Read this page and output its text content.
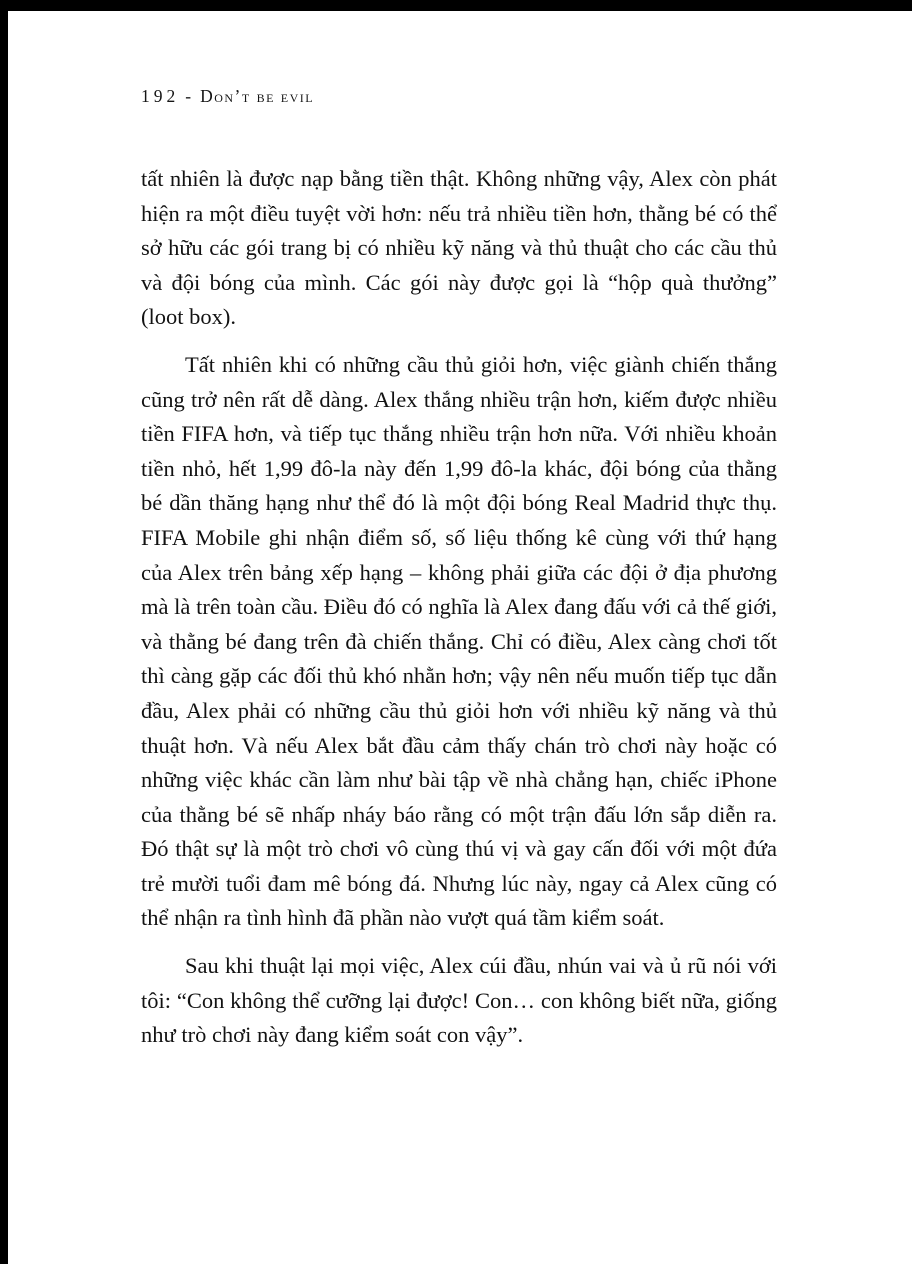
192 - Don’t be evil

tất nhiên là được nạp bằng tiền thật. Không những vậy, Alex còn phát hiện ra một điều tuyệt vời hơn: nếu trả nhiều tiền hơn, thằng bé có thể sở hữu các gói trang bị có nhiều kỹ năng và thủ thuật cho các cầu thủ và đội bóng của mình. Các gói này được gọi là “hộp quà thưởng” (loot box).

Tất nhiên khi có những cầu thủ giỏi hơn, việc giành chiến thắng cũng trở nên rất dễ dàng. Alex thắng nhiều trận hơn, kiếm được nhiều tiền FIFA hơn, và tiếp tục thắng nhiều trận hơn nữa. Với nhiều khoản tiền nhỏ, hết 1,99 đô-la này đến 1,99 đô-la khác, đội bóng của thằng bé dần thăng hạng như thể đó là một đội bóng Real Madrid thực thụ. FIFA Mobile ghi nhận điểm số, số liệu thống kê cùng với thứ hạng của Alex trên bảng xếp hạng – không phải giữa các đội ở địa phương mà là trên toàn cầu. Điều đó có nghĩa là Alex đang đấu với cả thế giới, và thằng bé đang trên đà chiến thắng. Chỉ có điều, Alex càng chơi tốt thì càng gặp các đối thủ khó nhằn hơn; vậy nên nếu muốn tiếp tục dẫn đầu, Alex phải có những cầu thủ giỏi hơn với nhiều kỹ năng và thủ thuật hơn. Và nếu Alex bắt đầu cảm thấy chán trò chơi này hoặc có những việc khác cần làm như bài tập về nhà chẳng hạn, chiếc iPhone của thằng bé sẽ nhấp nháy báo rằng có một trận đấu lớn sắp diễn ra. Đó thật sự là một trò chơi vô cùng thú vị và gay cấn đối với một đứa trẻ mười tuổi đam mê bóng đá. Nhưng lúc này, ngay cả Alex cũng có thể nhận ra tình hình đã phần nào vượt quá tầm kiểm soát.

Sau khi thuật lại mọi việc, Alex cúi đầu, nhún vai và ủ rũ nói với tôi: “Con không thể cưỡng lại được! Con… con không biết nữa, giống như trò chơi này đang kiểm soát con vậy”.
